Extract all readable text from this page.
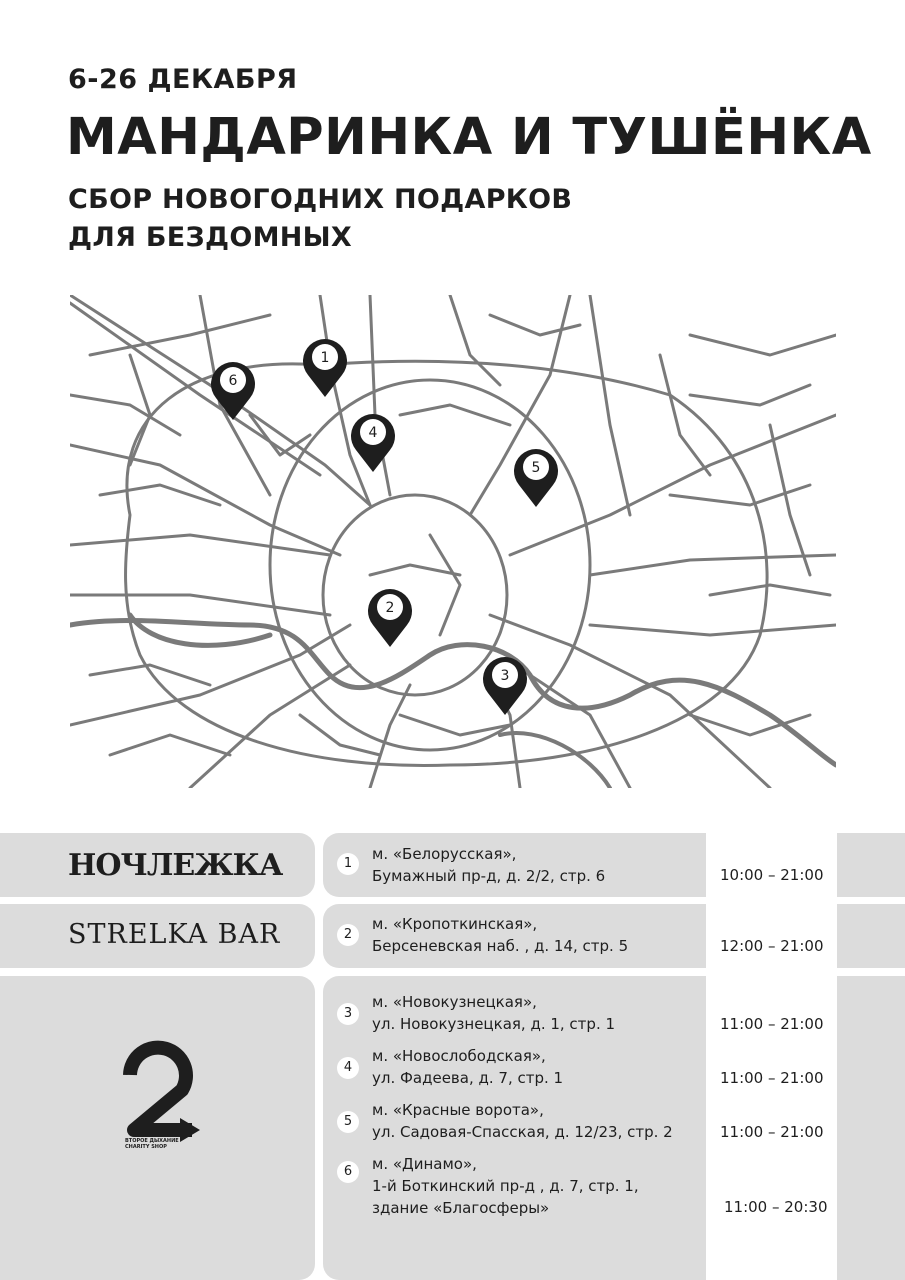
6-26 ДЕКАБРЯ
МАНДАРИНКА И ТУШЁНКА
СБОР НОВОГОДНИХ ПОДАРКОВ
ДЛЯ БЕЗДОМНЫХ
1
2
3
4
5
6
НОЧЛЕЖКА	1
м. «Белорусская»,
Бумажный пр-д, д. 2/2, стр. 6	10:00 – 21:00
STRELKA BAR	2
м. «Кропоткинская»,
Берсеневская наб. , д. 14, стр. 5	12:00 – 21:00
ВТОРОЕ ДЫХАНИЕ
CHARITY SHOP
3
м. «Новокузнецкая»,
ул. Новокузнецкая, д. 1, стр. 1	11:00 – 21:00
4
м. «Новослободская»,
ул. Фадеева, д. 7, стр. 1	11:00 – 21:00
5
м. «Красные ворота»,
ул. Садовая-Спасская, д. 12/23, стр. 2	11:00 – 21:00
6	м. «Динамо»,
1-й Боткинский пр-д , д. 7, стр. 1,
здание «Благосферы»	11:00 – 20:30
